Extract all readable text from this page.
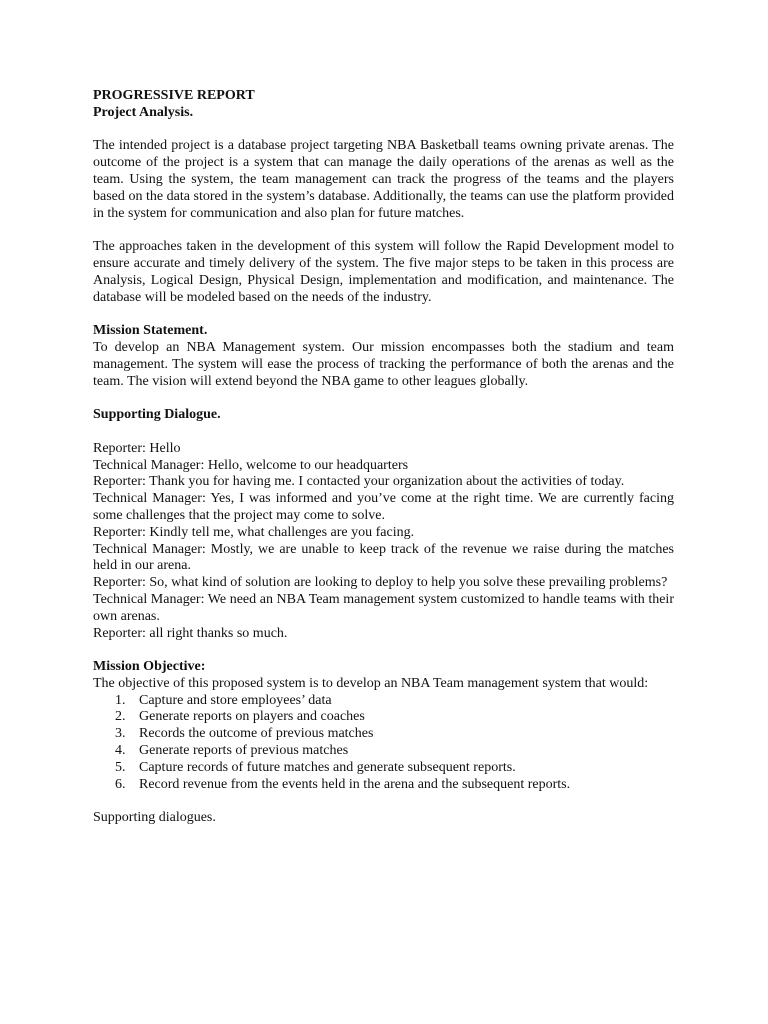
PROGRESSIVE REPORT

Project Analysis.

The intended project is a database project targeting NBA Basketball teams owning private arenas. The outcome of the project is a system that can manage the daily operations of the arenas as well as the team. Using the system, the team management can track the progress of the teams and the players based on the data stored in the system’s database. Additionally, the teams can use the platform provided in the system for communication and also plan for future matches.

The approaches taken in the development of this system will follow the Rapid Development model to ensure accurate and timely delivery of the system. The five major steps to be taken in this process are Analysis, Logical Design, Physical Design, implementation and modification, and maintenance. The database will be modeled based on the needs of the industry.

Mission Statement.

To develop an NBA Management system. Our mission encompasses both the stadium and team management. The system will ease the process of tracking the performance of both the arenas and the team. The vision will extend beyond the NBA game to other leagues globally.

Supporting Dialogue.

Reporter: Hello

Technical Manager: Hello, welcome to our headquarters

Reporter: Thank you for having me. I contacted your organization about the activities of today.

Technical Manager: Yes, I was informed and you’ve come at the right time. We are currently facing some challenges that the project may come to solve.

Reporter: Kindly tell me, what challenges are you facing.

Technical Manager: Mostly, we are unable to keep track of the revenue we raise during the matches held in our arena.

Reporter: So, what kind of solution are looking to deploy to help you solve these prevailing problems?

Technical Manager: We need an NBA Team management system customized to handle teams with their own arenas.

Reporter: all right thanks so much.

Mission Objective:

The objective of this proposed system is to develop an NBA Team management system that would:

1. Capture and store employees’ data
2. Generate reports on players and coaches
3. Records the outcome of previous matches
4. Generate reports of previous matches
5. Capture records of future matches and generate subsequent reports.
6. Record revenue from the events held in the arena and the subsequent reports.

Supporting dialogues.
